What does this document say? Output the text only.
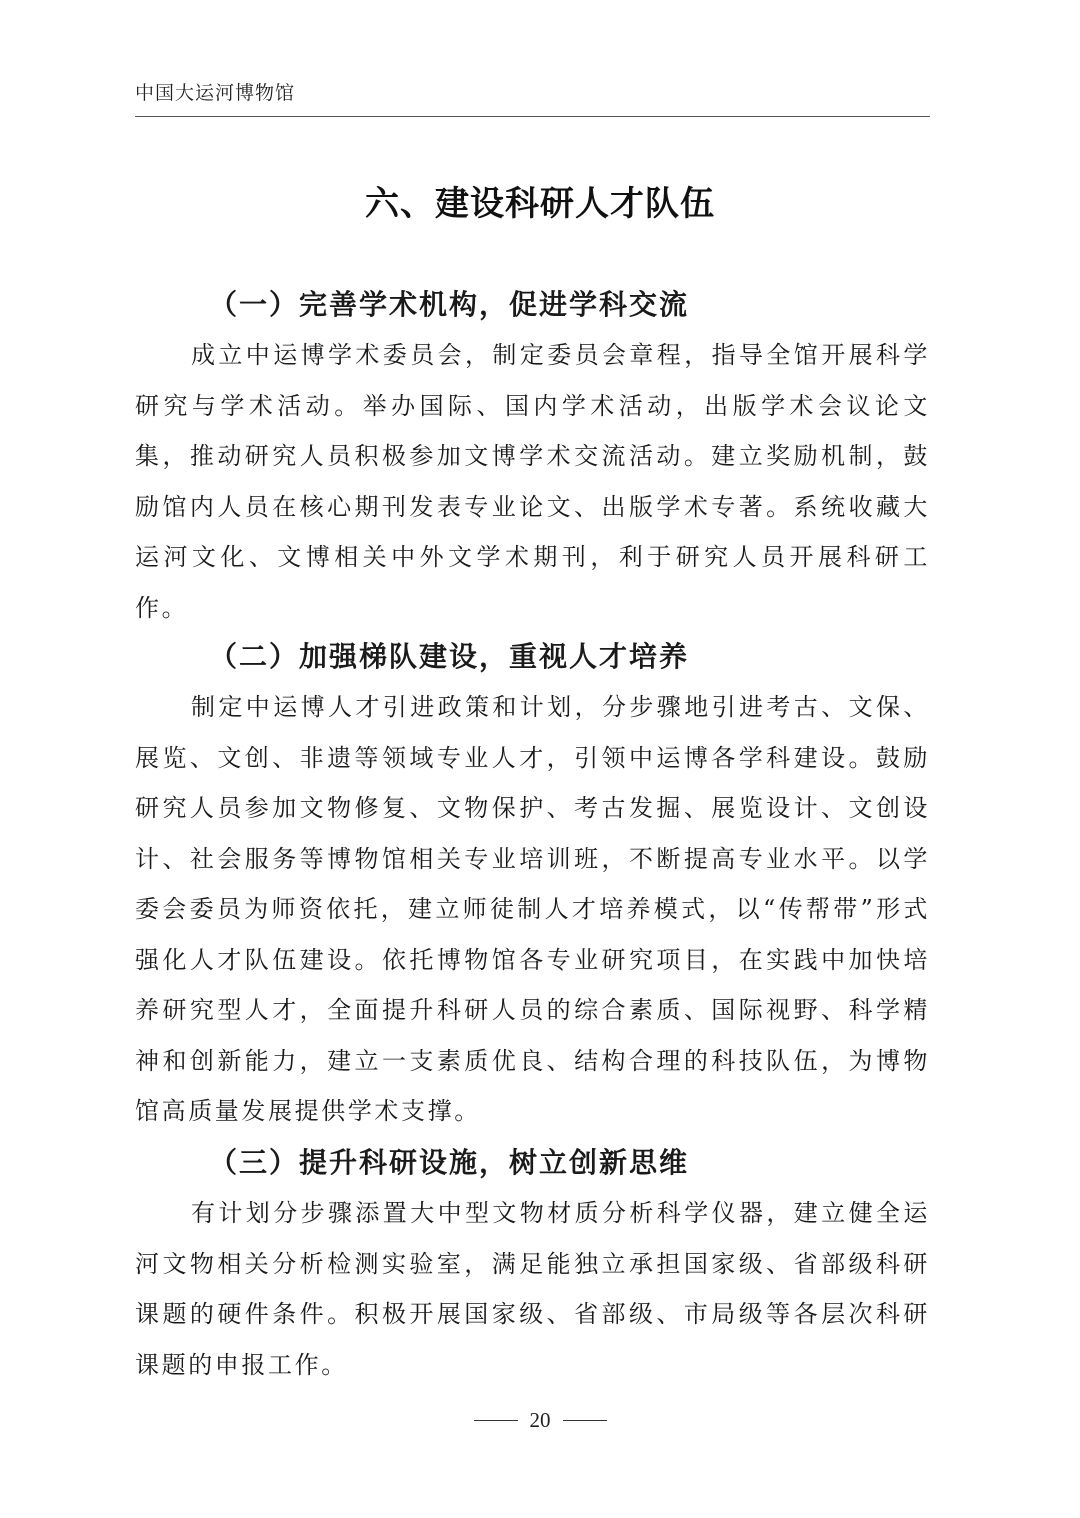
中国大运河博物馆
六、建设科研人才队伍
（一）完善学术机构，促进学科交流

成立中运博学术委员会，制定委员会章程，指导全馆开展科学研究与学术活动。举办国际、国内学术活动，出版学术会议论文集，推动研究人员积极参加文博学术交流活动。建立奖励机制，鼓励馆内人员在核心期刊发表专业论文、出版学术专著。系统收藏大运河文化、文博相关中外文学术期刊，利于研究人员开展科研工作。

（二）加强梯队建设，重视人才培养

制定中运博人才引进政策和计划，分步骤地引进考古、文保、展览、文创、非遗等领域专业人才，引领中运博各学科建设。鼓励研究人员参加文物修复、文物保护、考古发掘、展览设计、文创设计、社会服务等博物馆相关专业培训班，不断提高专业水平。以学委会委员为师资依托，建立师徒制人才培养模式，以“传帮带”形式强化人才队伍建设。依托博物馆各专业研究项目，在实践中加快培养研究型人才，全面提升科研人员的综合素质、国际视野、科学精神和创新能力，建立一支素质优良、结构合理的科技队伍，为博物馆高质量发展提供学术支撑。

（三）提升科研设施，树立创新思维

有计划分步骤添置大中型文物材质分析科学仪器，建立健全运河文物相关分析检测实验室，满足能独立承担国家级、省部级科研课题的硬件条件。积极开展国家级、省部级、市局级等各层次科研课题的申报工作。

20
